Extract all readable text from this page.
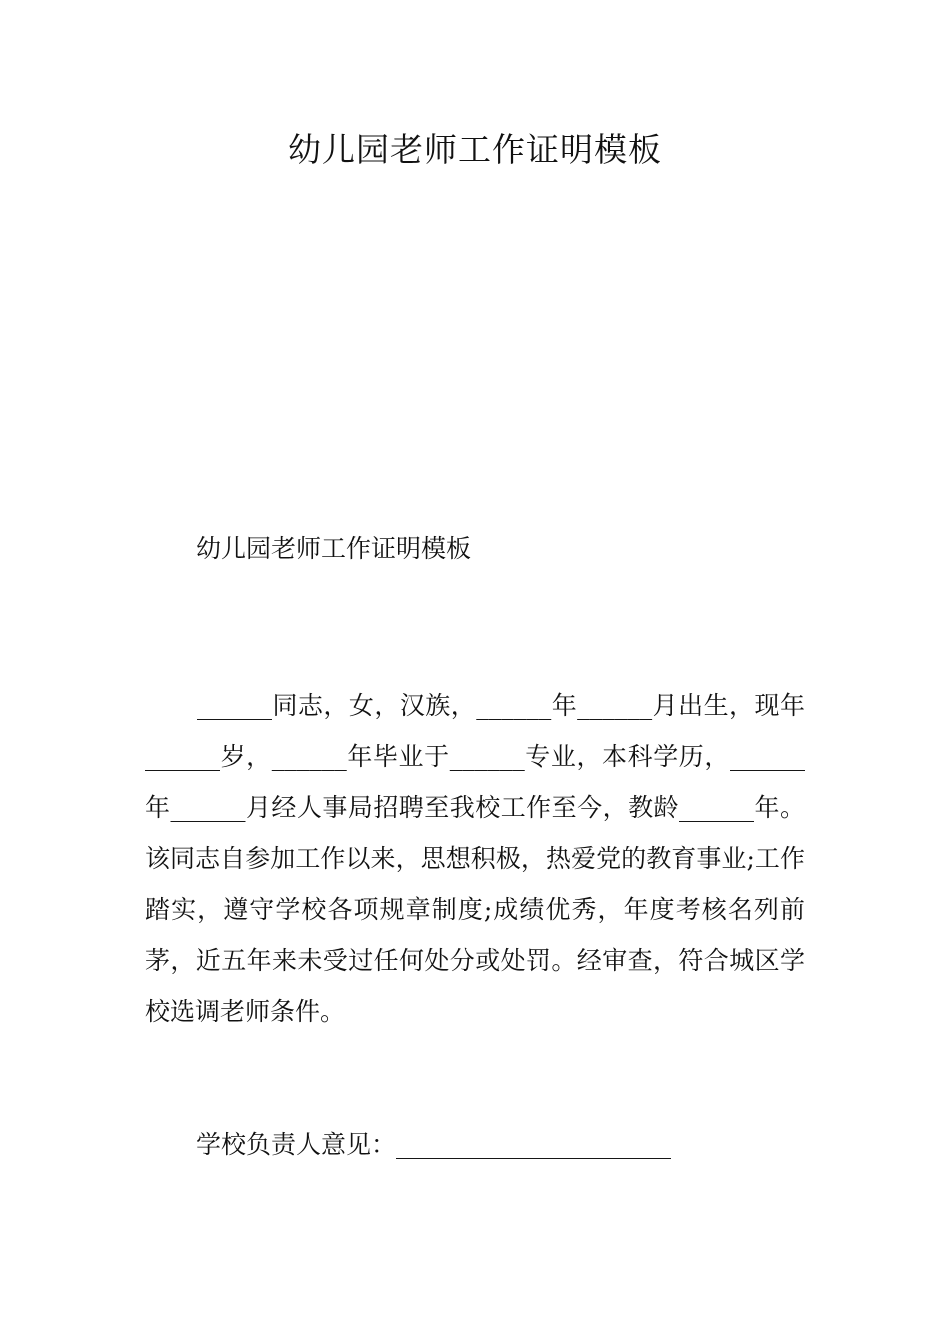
幼儿园老师工作证明模板

幼儿园老师工作证明模板

______同志，女，汉族，______年______月出生，现年______岁，______年毕业于______专业，本科学历，______年______月经人事局招聘至我校工作至今，教龄______年。该同志自参加工作以来，思想积极，热爱党的教育事业;工作踏实，遵守学校各项规章制度;成绩优秀，年度考核名列前茅，近五年来未受过任何处分或处罚。经审查，符合城区学校选调老师条件。

学校负责人意见：______________________
